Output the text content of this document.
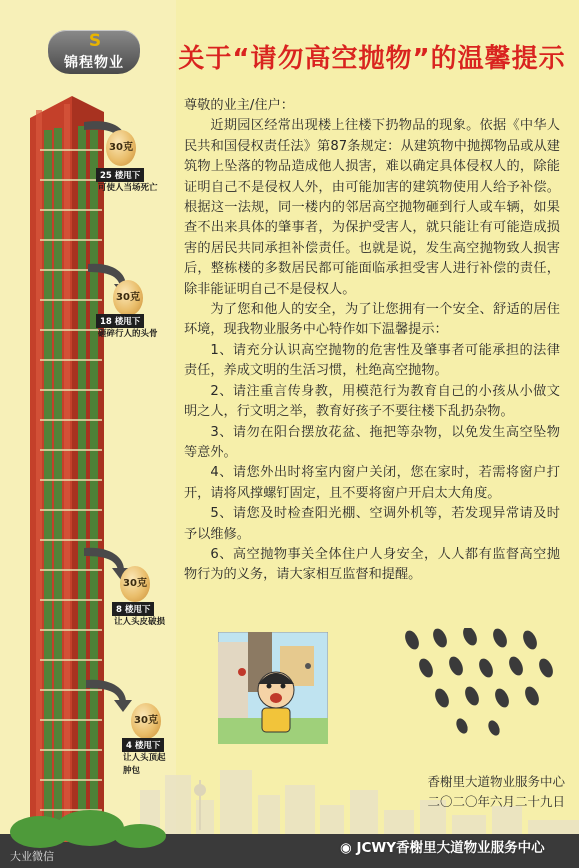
S
锦程物业	关于“请勿高空抛物”的温馨提示

尊敬的业主/住户：

近期园区经常出现楼上往楼下扔物品的现象。依据《中华人民共和国侵权责任法》第87条规定：从建筑物中抛掷物品或从建筑物上坠落的物品造成他人损害，难以确定具体侵权人的，除能证明自己不是侵权人外，由可能加害的建筑物使用人给予补偿。根据这一法规，同一楼内的邻居高空抛物砸到行人或车辆，如果查不出来具体的肇事者，为保护受害人，就只能让有可能造成损害的居民共同承担补偿责任。也就是说，发生高空抛物致人损害后，整栋楼的多数居民都可能面临承担受害人进行补偿的责任，除非能证明自己不是侵权人。

为了您和他人的安全，为了让您拥有一个安全、舒适的居住环境，现我物业服务中心特作如下温馨提示：

1、请充分认识高空抛物的危害性及肇事者可能承担的法律责任，养成文明的生活习惯，杜绝高空抛物。

2、请注重言传身教，用模范行为教育自己的小孩从小做文明之人，行文明之举，教育好孩子不要往楼下乱扔杂物。

3、请勿在阳台摆放花盆、拖把等杂物，以免发生高空坠物等意外。

4、请您外出时将室内窗户关闭，您在家时，若需将窗户打开，请将风撑螺钉固定，且不要将窗户开启太大角度。

5、请您及时检查阳光棚、空调外机等，若发现异常请及时予以维修。

6、高空抛物事关全体住户人身安全，人人都有监督高空抛物行为的义务，请大家相互监督和提醒。

30克
25 楼甩下
可使人当场死亡
30克
18 楼甩下
砸碎行人的头骨
30克
8 楼甩下
让人头皮破损
30克
4 楼甩下
让人头顶起
肿包
香榭里大道物业服务中心
二〇二〇年六月二十九日
大业微信
◉ JCWY香榭里大道物业服务中心
